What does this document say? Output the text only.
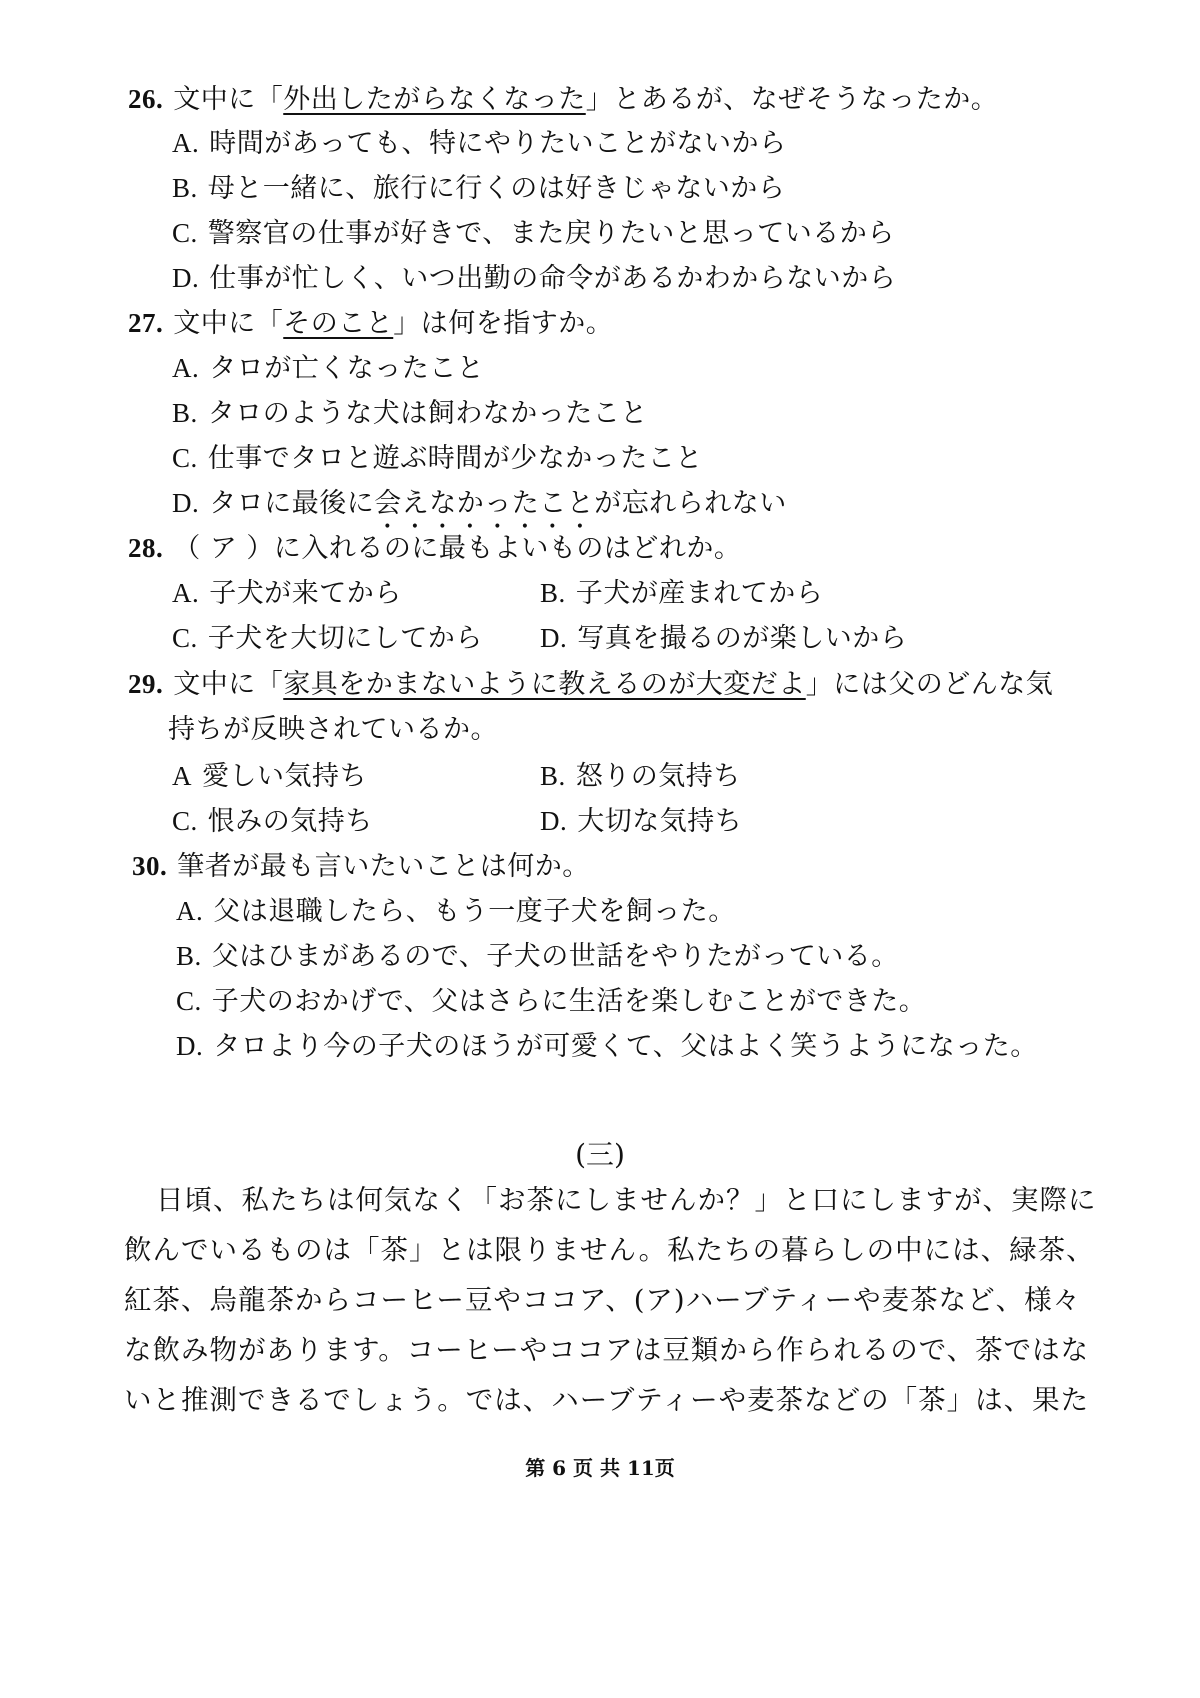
26. 文中に「外出したがらなくなった」とあるが、なぜそうなったか。
A. 時間があっても、特にやりたいことがないから
B. 母と一緒に、旅行に行くのは好きじゃないから
C. 警察官の仕事が好きで、また戻りたいと思っているから
D. 仕事が忙しく、いつ出勤の命令があるかわからないから
27. 文中に「そのこと」は何を指すか。
A. タロが亡くなったこと
B. タロのような犬は飼わなかったこと
C. 仕事でタロと遊ぶ時間が少なかったこと
D. タロに最後に会えなかったことが忘れられない
28. （ ア ）に入れるのに最もよいものはどれか。
A. 子犬が来てから	B. 子犬が産まれてから
C. 子犬を大切にしてから D. 写真を撮るのが楽しいから
29. 文中に「家具をかまないように教えるのが大変だよ」には父のどんな気
持ちが反映されているか。
A 愛しい気持ち	B. 怒りの気持ち
C. 恨みの気持ち	D. 大切な気持ち
30. 筆者が最も言いたいことは何か。
A. 父は退職したら、もう一度子犬を飼った。
B. 父はひまがあるので、子犬の世話をやりたがっている。
C. 子犬のおかげで、父はさらに生活を楽しむことができた。
D. タロより今の子犬のほうが可愛くて、父はよく笑うようになった。
(三)
日頃、私たちは何気なく「お茶にしませんか？」と口にしますが、実際に
飲んでいるものは「茶」とは限りません。私たちの暮らしの中には、緑茶、
紅茶、烏龍茶からコーヒー豆やココア、(ア)ハーブティーや麦茶など、様々
な飲み物があります。コーヒーやココアは豆類から作られるので、茶ではな
いと推測できるでしょう。では、ハーブティーや麦茶などの「茶」は、果た
第 6 页 共 11页
